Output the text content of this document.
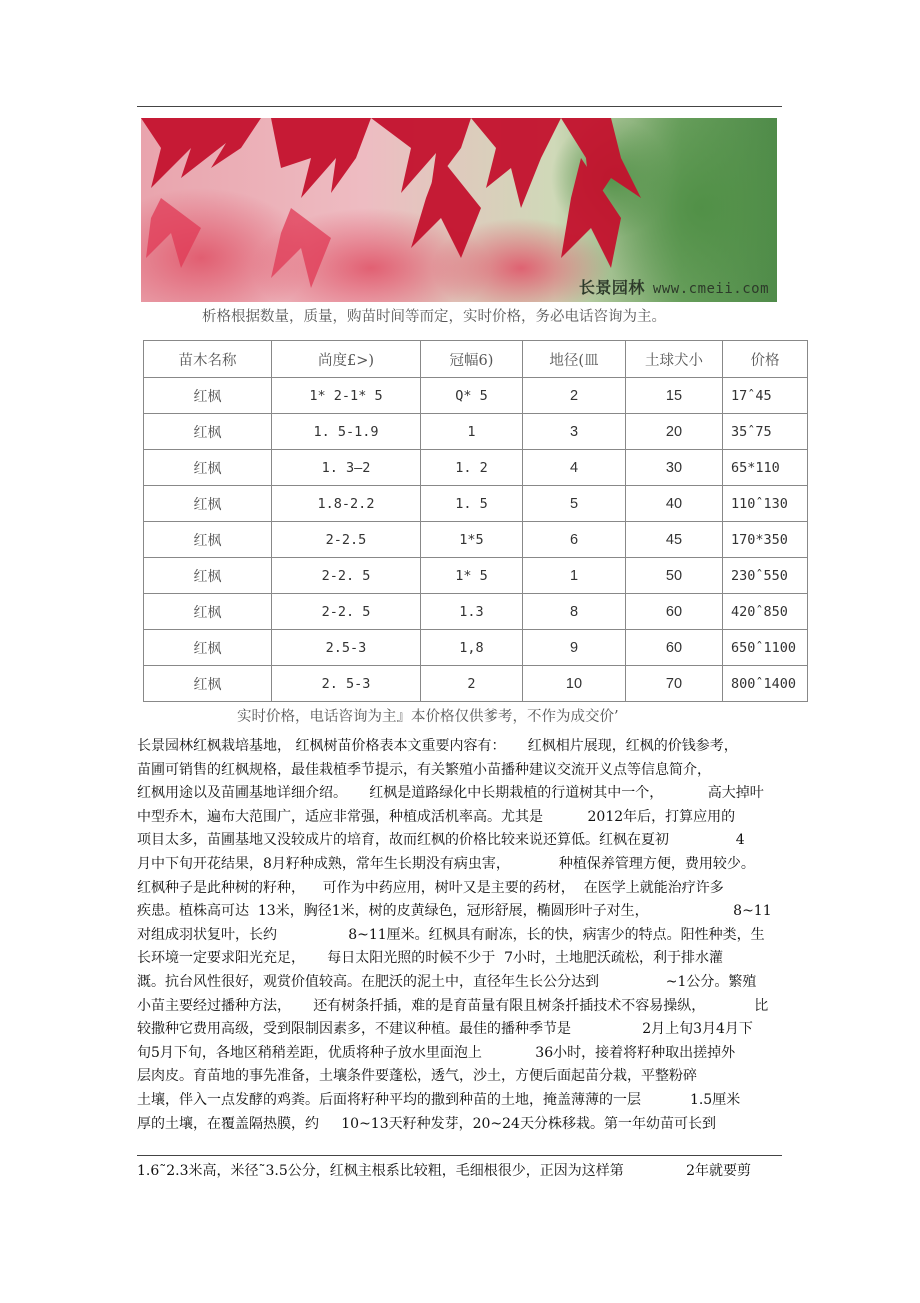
长景园林 www.cmeii.com
析格根据数量，质量，购苗时间等而定，实时价格，务必电话咨询为主。
苗木名称	尚度£>)	冠幅6)	地径(皿	土球犬小	价格
红枫	1* 2-1* 5	Q* 5	2	15	17ˆ45
红枫	1. 5-1.9	1	3	20	35ˆ75
红枫	1. 3—2	1. 2	4	30	65*110
红枫	1.8-2.2	1. 5	5	40	110ˆ130
红枫	2-2.5	1*5	6	45	170*350
红枫	2-2. 5	1* 5	1	50	230ˆ550
红枫	2-2. 5	1.3	8	60	420ˆ850
红枫	2.5-3	1,8	9	60	650ˆ1100
红枫	2. 5-3	2	10	70	800ˆ1400
实时价格，电话咨询为主』本价格仅供爹考，不作为成交价’
长景园林红枫栽培基地， 红枫树苗价格表本文重要内容有：     红枫相片展现，红枫的价钱参考，
苗圃可销售的红枫规格，最佳栽植季节提示，有关繁殖小苗播种建议交流开义点等信息简介，
红枫用途以及苗圃基地详细介绍。     红枫是道路绿化中长期栽植的行道树其中一个，          高大掉叶
中型乔木，遍布大范围广，适应非常强，种植成活机率高。尤其是          2012年后，打算应用的
项目太多，苗圃基地又没较成片的培育，故而红枫的价格比较来说还算低。红枫在夏初               4
月中下旬开花结果，8月籽种成熟，常年生长期没有病虫害，           种植保养管理方便，费用较少。
红枫种子是此种树的籽种，    可作为中药应用，树叶又是主要的药材，  在医学上就能治疗许多
疾患。植株高可达  13米，胸径1米，树的皮黄绿色，冠形舒展，椭圆形叶子对生，                   8~11
对组成羽状复叶，长约                8~11厘米。红枫具有耐冻，长的快，病害少的特点。阳性种类，生
长环境一定要求阳光充足，     每日太阳光照的时候不少于  7小时，土地肥沃疏松，利于排水灌
溉。抗台风性很好，观赏价值较高。在肥沃的泥土中，直径年生长公分达到               ~1公分。繁殖
小苗主要经过播种方法，     还有树条扦插，难的是育苗量有限且树条扦插技术不容易操纵，           比
较撒种它费用高级，受到限制因素多，不建议种植。最佳的播种季节是                2月上旬3月4月下
旬5月下旬，各地区稍稍差距，优质将种子放水里面泡上            36小时，接着将籽种取出搓掉外
层肉皮。育苗地的事先准备，土壤条件要蓬松，透气，沙土，方便后面起苗分栽，平整粉碎
土壤，伴入一点发酵的鸡粪。后面将籽种平均的撒到种苗的土地，掩盖薄薄的一层           1.5厘米
厚的土壤，在覆盖隔热膜，约     10~13天籽种发芽，20~24天分株移栽。第一年幼苗可长到
1.6˜2.3米高，米径˜3.5公分，红枫主根系比较粗，毛细根很少，正因为这样第              2年就要剪
